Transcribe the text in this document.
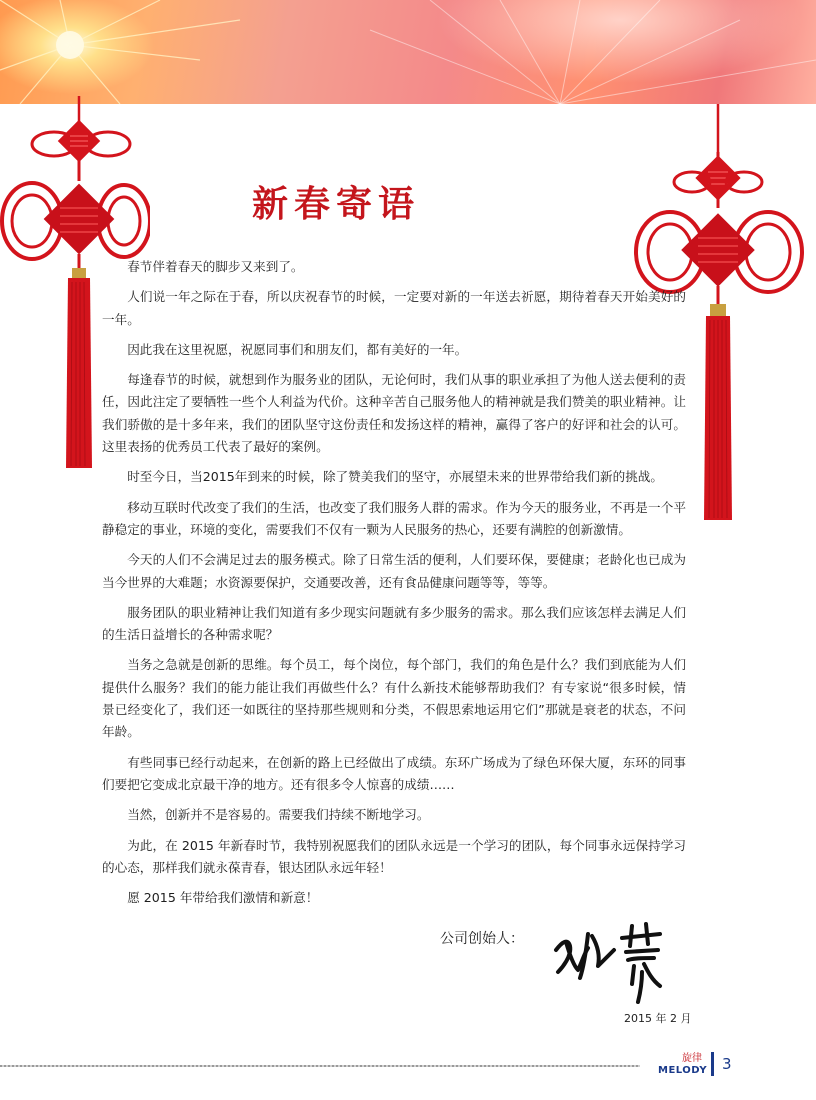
新春寄语

春节伴着春天的脚步又来到了。

人们说一年之际在于春，所以庆祝春节的时候，一定要对新的一年送去祈愿，期待着春天开始美好的一年。

因此我在这里祝愿，祝愿同事们和朋友们，都有美好的一年。

每逢春节的时候，就想到作为服务业的团队，无论何时，我们从事的职业承担了为他人送去便利的责任，因此注定了要牺牲一些个人利益为代价。这种辛苦自己服务他人的精神就是我们赞美的职业精神。让我们骄傲的是十多年来，我们的团队坚守这份责任和发扬这样的精神，赢得了客户的好评和社会的认可。这里表扬的优秀员工代表了最好的案例。

时至今日，当2015年到来的时候，除了赞美我们的坚守，亦展望未来的世界带给我们新的挑战。

移动互联时代改变了我们的生活，也改变了我们服务人群的需求。作为今天的服务业，不再是一个平静稳定的事业，环境的变化，需要我们不仅有一颗为人民服务的热心，还要有满腔的创新激情。

今天的人们不会满足过去的服务模式。除了日常生活的便利，人们要环保，要健康；老龄化也已成为当今世界的大难题；水资源要保护，交通要改善，还有食品健康问题等等，等等。

服务团队的职业精神让我们知道有多少现实问题就有多少服务的需求。那么我们应该怎样去满足人们的生活日益增长的各种需求呢？

当务之急就是创新的思维。每个员工，每个岗位，每个部门，我们的角色是什么？我们到底能为人们提供什么服务？我们的能力能让我们再做些什么？有什么新技术能够帮助我们？有专家说“很多时候，情景已经变化了，我们还一如既往的坚持那些规则和分类，不假思索地运用它们”那就是衰老的状态，不问年龄。

有些同事已经行动起来，在创新的路上已经做出了成绩。东环广场成为了绿色环保大厦，东环的同事们要把它变成北京最干净的地方。还有很多令人惊喜的成绩……

当然，创新并不是容易的。需要我们持续不断地学习。

为此，在 2015 年新春时节，我特别祝愿我们的团队永远是一个学习的团队，每个同事永远保持学习的心态，那样我们就永葆青春，银达团队永远年轻！

愿 2015 年带给我们激情和新意！

公司创始人：
2015 年 2 月
旋律
MELODY 3
